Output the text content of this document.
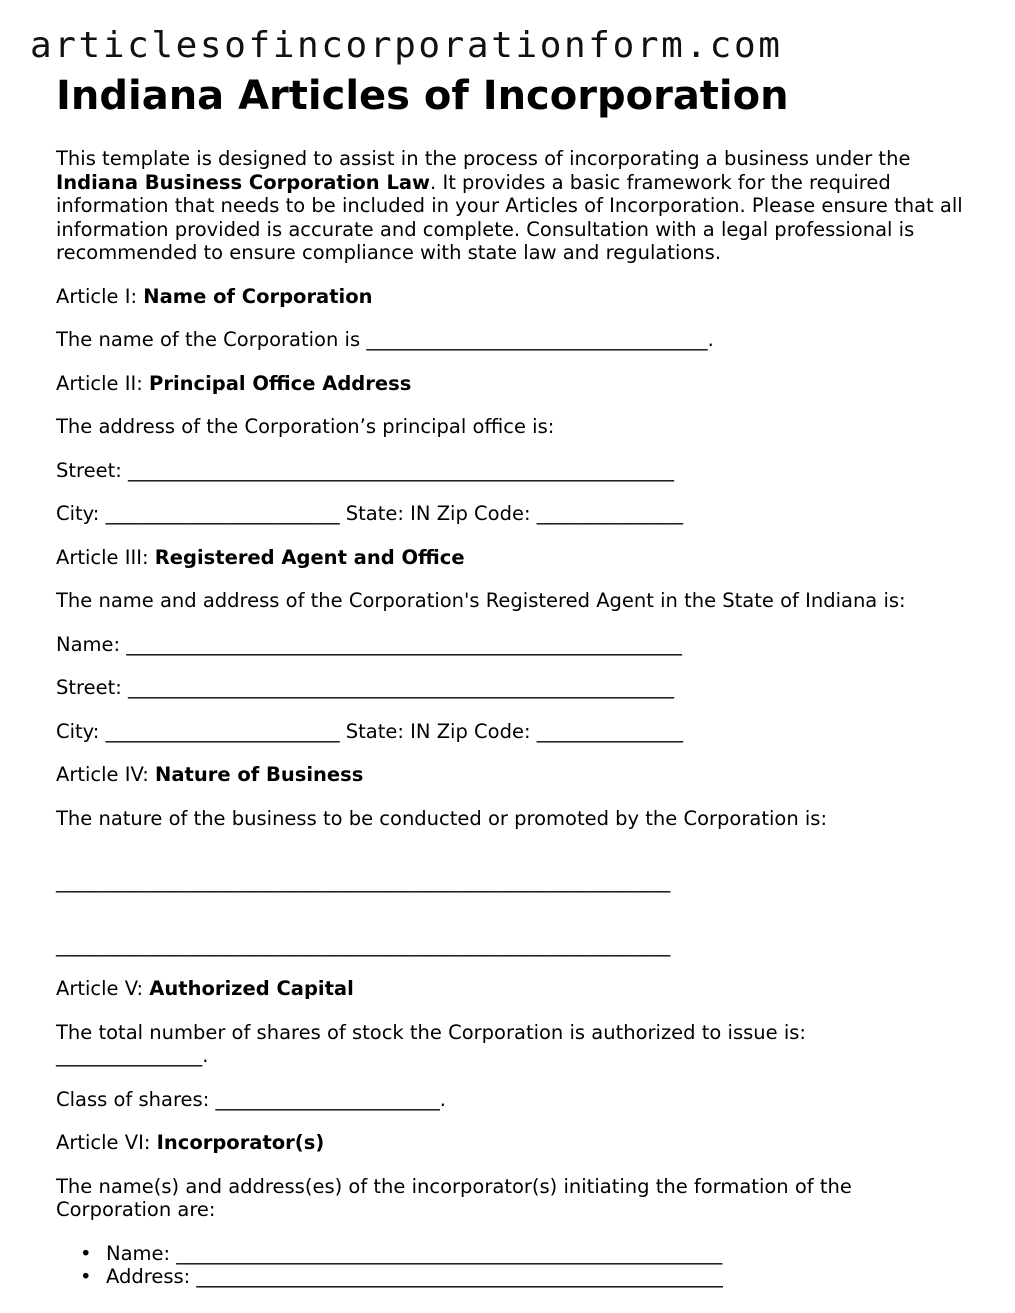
articlesofincorporationform.com
Indiana Articles of Incorporation

This template is designed to assist in the process of incorporating a business under the Indiana Business Corporation Law. It provides a basic framework for the required information that needs to be included in your Articles of Incorporation. Please ensure that all information provided is accurate and complete. Consultation with a legal professional is recommended to ensure compliance with state law and regulations.

Article I: Name of Corporation

The name of the Corporation is ___________________________________.

Article II: Principal Office Address

The address of the Corporation’s principal office is:

Street: ________________________________________________________

City: ________________________ State: IN Zip Code: _______________

Article III: Registered Agent and Office

The name and address of the Corporation's Registered Agent in the State of Indiana is:

Name: _________________________________________________________

Street: ________________________________________________________

City: ________________________ State: IN Zip Code: _______________

Article IV: Nature of Business

The nature of the business to be conducted or promoted by the Corporation is:

_______________________________________________________________

_______________________________________________________________

Article V: Authorized Capital

The total number of shares of stock the Corporation is authorized to issue is: _______________.

Class of shares: _______________________.

Article VI: Incorporator(s)

The name(s) and address(es) of the incorporator(s) initiating the formation of the Corporation are:

• Name: ________________________________________________________
• Address: ______________________________________________________
